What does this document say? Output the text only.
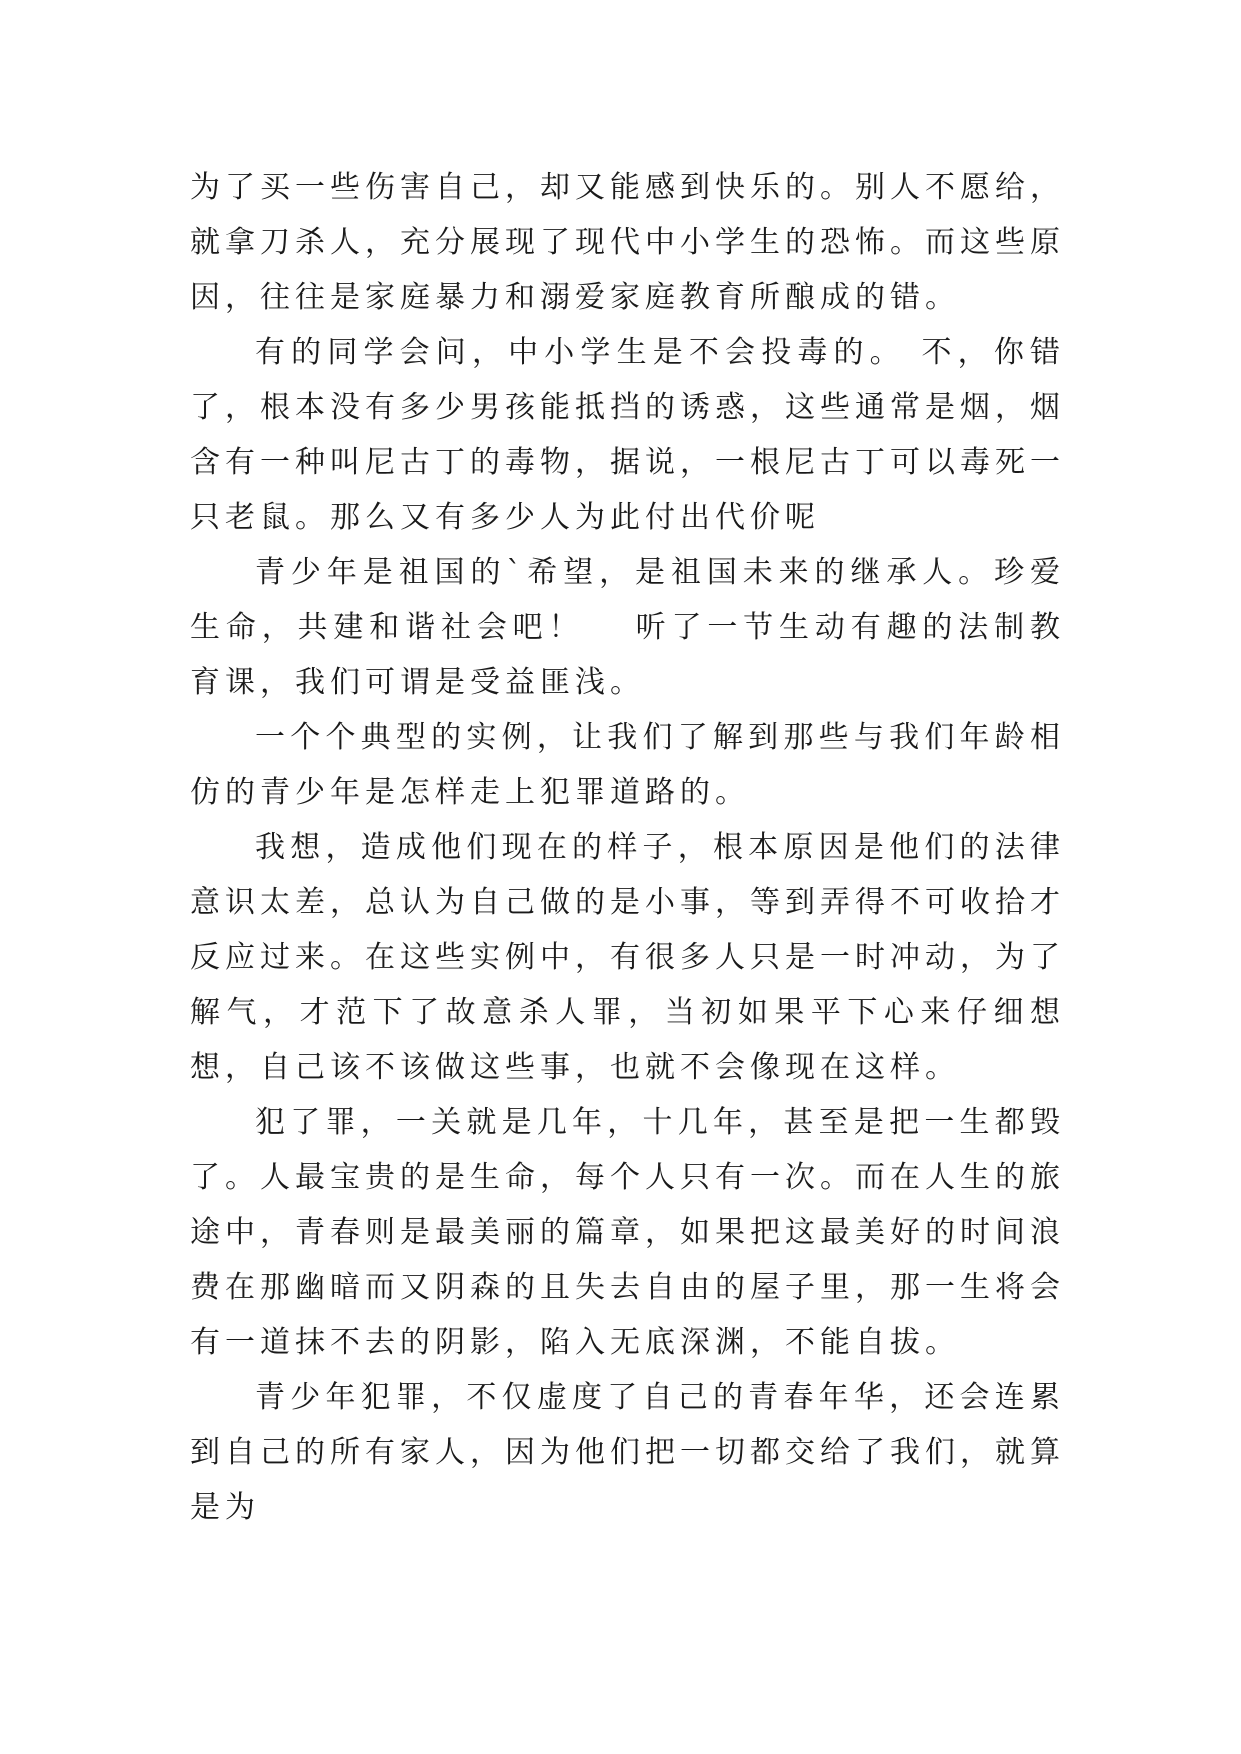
为了买一些伤害自己，却又能感到快乐的。别人不愿给，就拿刀杀人，充分展现了现代中小学生的恐怖。而这些原因，往往是家庭暴力和溺爱家庭教育所酿成的错。

有的同学会问，中小学生是不会投毒的。 不，你错了，根本没有多少男孩能抵挡的诱惑，这些通常是烟，烟含有一种叫尼古丁的毒物，据说，一根尼古丁可以毒死一只老鼠。那么又有多少人为此付出代价呢

青少年是祖国的`希望，是祖国未来的继承人。珍爱生命，共建和谐社会吧！　 听了一节生动有趣的法制教育课，我们可谓是受益匪浅。

一个个典型的实例，让我们了解到那些与我们年龄相仿的青少年是怎样走上犯罪道路的。

我想，造成他们现在的样子，根本原因是他们的法律意识太差，总认为自己做的是小事，等到弄得不可收拾才反应过来。在这些实例中，有很多人只是一时冲动，为了解气，才范下了故意杀人罪，当初如果平下心来仔细想想，自己该不该做这些事，也就不会像现在这样。

犯了罪，一关就是几年，十几年，甚至是把一生都毁了。人最宝贵的是生命，每个人只有一次。而在人生的旅途中，青春则是最美丽的篇章，如果把这最美好的时间浪费在那幽暗而又阴森的且失去自由的屋子里，那一生将会有一道抹不去的阴影，陷入无底深渊，不能自拔。

青少年犯罪，不仅虚度了自己的青春年华，还会连累到自己的所有家人，因为他们把一切都交给了我们，就算是为
